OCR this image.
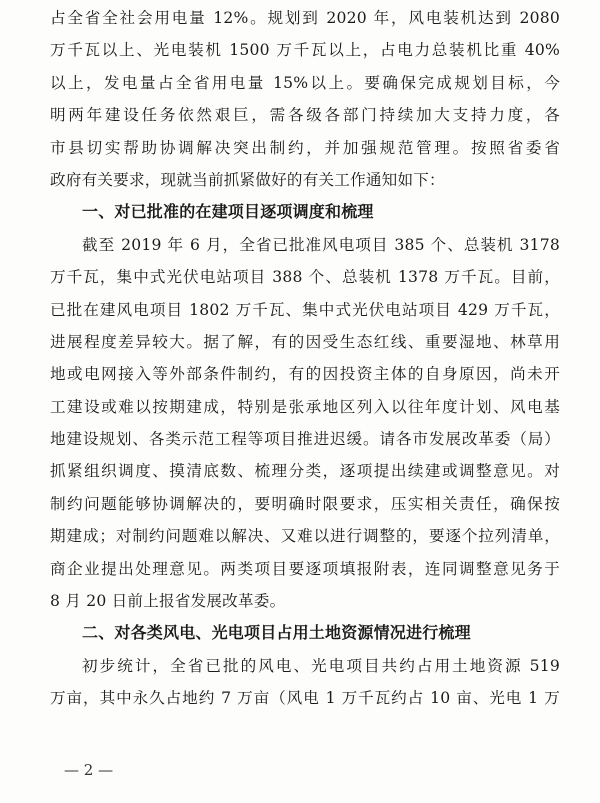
占全省全社会用电量 12%。规划到 2020 年，风电装机达到 2080
万千瓦以上、光电装机 1500 万千瓦以上，占电力总装机比重 40%
以上，发电量占全省用电量 15%以上。要确保完成规划目标，今
明两年建设任务依然艰巨，需各级各部门持续加大支持力度，各
市县切实帮助协调解决突出制约，并加强规范管理。按照省委省
政府有关要求，现就当前抓紧做好的有关工作通知如下：
一、对已批准的在建项目逐项调度和梳理
截至 2019 年 6 月，全省已批准风电项目 385 个、总装机 3178
万千瓦，集中式光伏电站项目 388 个、总装机 1378 万千瓦。目前，
已批在建风电项目 1802 万千瓦、集中式光伏电站项目 429 万千瓦，
进展程度差异较大。据了解，有的因受生态红线、重要湿地、林草用
地或电网接入等外部条件制约，有的因投资主体的自身原因，尚未开
工建设或难以按期建成，特别是张承地区列入以往年度计划、风电基
地建设规划、各类示范工程等项目推进迟缓。请各市发展改革委（局）
抓紧组织调度、摸清底数、梳理分类，逐项提出续建或调整意见。对
制约问题能够协调解决的，要明确时限要求，压实相关责任，确保按
期建成；对制约问题难以解决、又难以进行调整的，要逐个拉列清单，
商企业提出处理意见。两类项目要逐项填报附表，连同调整意见务于
8 月 20 日前上报省发展改革委。
二、对各类风电、光电项目占用土地资源情况进行梳理
初步统计，全省已批的风电、光电项目共约占用土地资源 519
万亩，其中永久占地约 7 万亩（风电 1 万千瓦约占 10 亩、光电 1 万
— 2 —
